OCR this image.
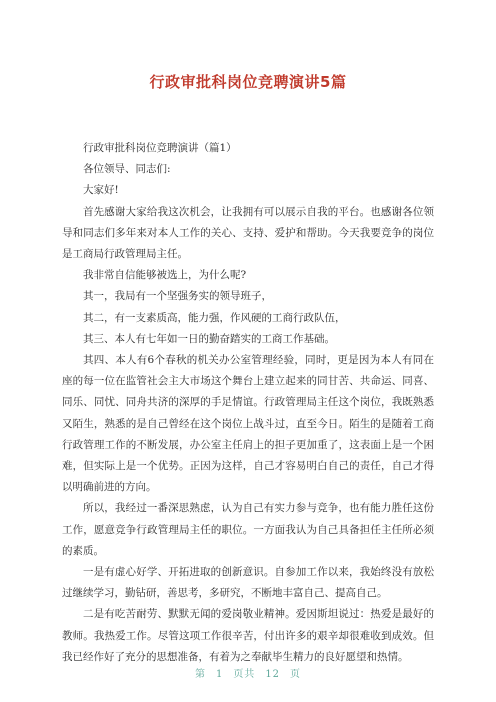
行政审批科岗位竞聘演讲5篇

行政审批科岗位竞聘演讲（篇1）

各位领导、同志们:

大家好!

首先感谢大家给我这次机会，让我拥有可以展示自我的平台。也感谢各位领导和同志们多年来对本人工作的关心、支持、爱护和帮助。今天我要竞争的岗位是工商局行政管理局主任。

我非常自信能够被选上，为什么呢?

其一，我局有一个坚强务实的领导班子，

其二，有一支素质高，能力强，作风硬的工商行政队伍，

其三、本人有七年如一日的勤奋踏实的工商工作基础。

其四、本人有6个春秋的机关办公室管理经验，同时，更是因为本人有同在座的每一位在监管社会主大市场这个舞台上建立起来的同甘苦、共命运、同喜、同乐、同忧、同舟共济的深厚的手足情谊。行政管理局主任这个岗位，我既熟悉又陌生，熟悉的是自己曾经在这个岗位上战斗过，直至今日。陌生的是随着工商行政管理工作的不断发展，办公室主任肩上的担子更加重了，这表面上是一个困难，但实际上是一个优势。正因为这样，自己才容易明白自己的责任，自己才得以明确前进的方向。

所以，我经过一番深思熟虑，认为自己有实力参与竞争，也有能力胜任这份工作，愿意竞争行政管理局主任的职位。一方面我认为自己具备担任主任所必须的素质。

一是有虚心好学、开拓进取的创新意识。自参加工作以来，我始终没有放松过继续学习，勤钻研，善思考，多研究，不断地丰富自己、提高自己。

二是有吃苦耐劳、默默无闻的爱岗敬业精神。爱因斯坦说过：热爱是最好的教师。我热爱工作。尽管这项工作很辛苦，付出许多的艰辛却很难收到成效。但我已经作好了充分的思想准备，有着为之奉献毕生精力的良好愿望和热情。

第 1 页共 12 页
